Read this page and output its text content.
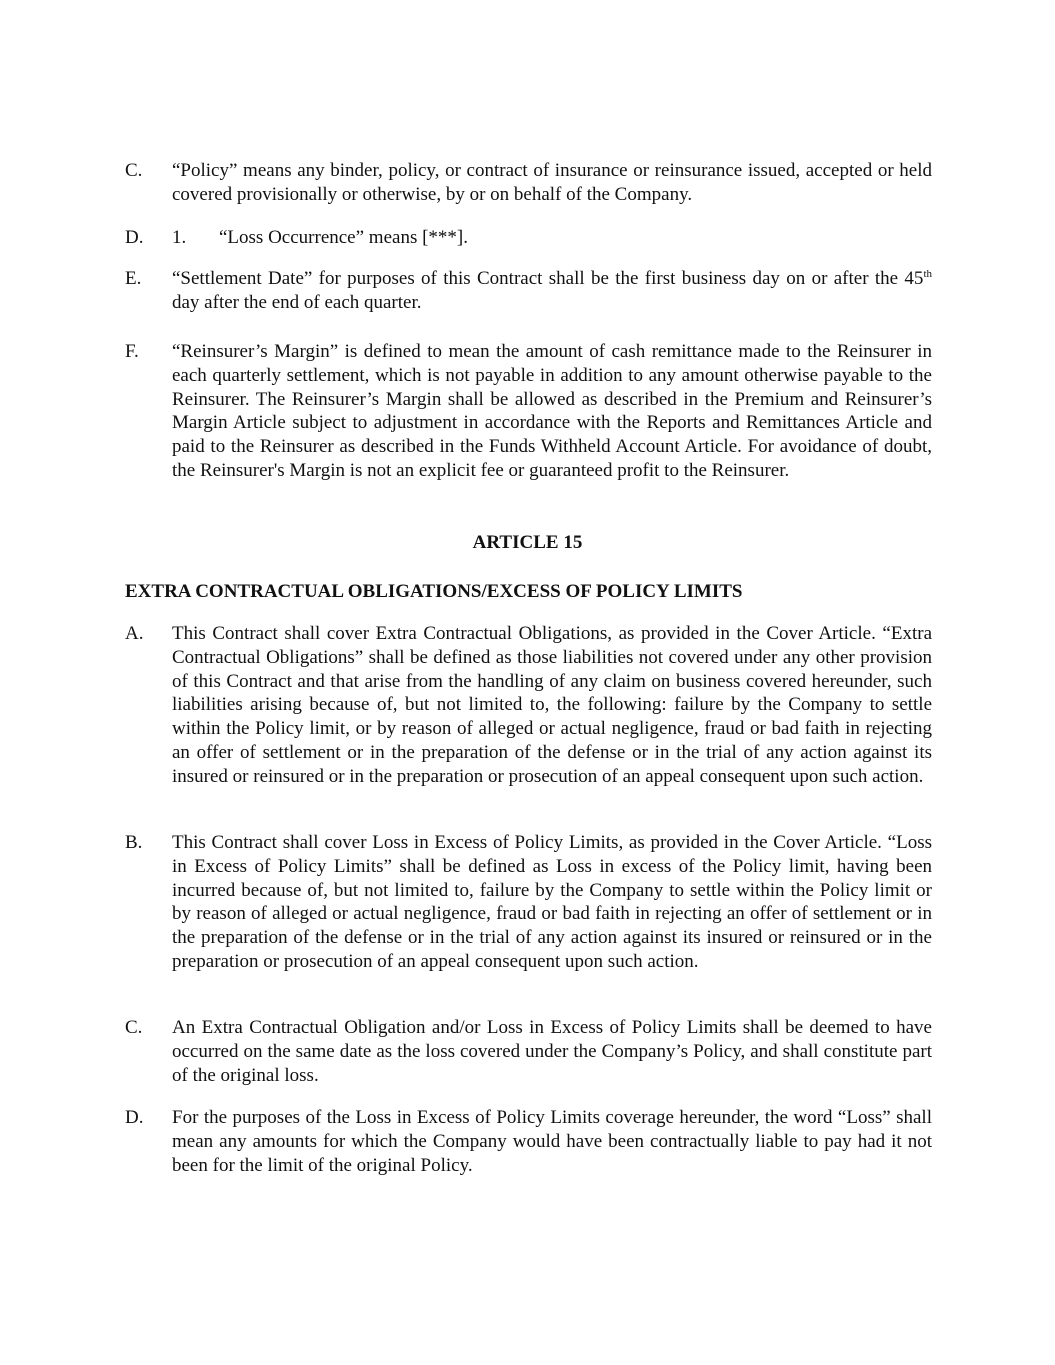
C. “Policy” means any binder, policy, or contract of insurance or reinsurance issued, accepted or held covered provisionally or otherwise, by or on behalf of the Company.
D. 1. “Loss Occurrence” means [***].
E. “Settlement Date” for purposes of this Contract shall be the first business day on or after the 45th day after the end of each quarter.
F. “Reinsurer’s Margin” is defined to mean the amount of cash remittance made to the Reinsurer in each quarterly settlement, which is not payable in addition to any amount otherwise payable to the Reinsurer. The Reinsurer’s Margin shall be allowed as described in the Premium and Reinsurer’s Margin Article subject to adjustment in accordance with the Reports and Remittances Article and paid to the Reinsurer as described in the Funds Withheld Account Article. For avoidance of doubt, the Reinsurer's Margin is not an explicit fee or guaranteed profit to the Reinsurer.
ARTICLE 15
EXTRA CONTRACTUAL OBLIGATIONS/EXCESS OF POLICY LIMITS
A. This Contract shall cover Extra Contractual Obligations, as provided in the Cover Article. “Extra Contractual Obligations” shall be defined as those liabilities not covered under any other provision of this Contract and that arise from the handling of any claim on business covered hereunder, such liabilities arising because of, but not limited to, the following: failure by the Company to settle within the Policy limit, or by reason of alleged or actual negligence, fraud or bad faith in rejecting an offer of settlement or in the preparation of the defense or in the trial of any action against its insured or reinsured or in the preparation or prosecution of an appeal consequent upon such action.
B. This Contract shall cover Loss in Excess of Policy Limits, as provided in the Cover Article. “Loss in Excess of Policy Limits” shall be defined as Loss in excess of the Policy limit, having been incurred because of, but not limited to, failure by the Company to settle within the Policy limit or by reason of alleged or actual negligence, fraud or bad faith in rejecting an offer of settlement or in the preparation of the defense or in the trial of any action against its insured or reinsured or in the preparation or prosecution of an appeal consequent upon such action.
C. An Extra Contractual Obligation and/or Loss in Excess of Policy Limits shall be deemed to have occurred on the same date as the loss covered under the Company’s Policy, and shall constitute part of the original loss.
D. For the purposes of the Loss in Excess of Policy Limits coverage hereunder, the word “Loss” shall mean any amounts for which the Company would have been contractually liable to pay had it not been for the limit of the original Policy.
